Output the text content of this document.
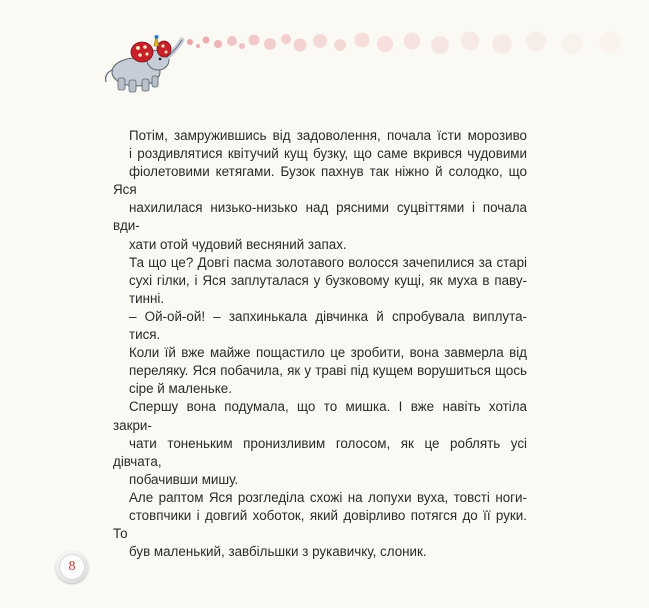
Потім, замружившись від задоволення, почала їсти морозиво
і роздивлятися квітучий кущ бузку, що саме вкрився чудовими
фіолетовими кетягами. Бузок пахнув так ніжно й солодко, що Яся
нахилилася низько-низько над рясними суцвіттями і почала вди-
хати отой чудовий весняний запах.

Та що це? Довгі пасма золотавого волосся зачепилися за старі
сухі гілки, і Яся заплуталася у бузковому кущі, як муха в паву-
тинні.

– Ой-ой-ой! – запхинькала дівчинка й спробувала виплута-
тися.

Коли їй вже майже пощастило це зробити, вона завмерла від
переляку. Яся побачила, як у траві під кущем ворушиться щось
сіре й маленьке.

Спершу вона подумала, що то мишка. І вже навіть хотіла закри-
чати тоненьким пронизливим голосом, як це роблять усі дівчата,
побачивши мишу.

Але раптом Яся розгледіла схожі на лопухи вуха, товсті ноги-
стовпчики і довгий хоботок, який довірливо потягся до її руки. То
був маленький, завбільшки з рукавичку, слоник.

8
